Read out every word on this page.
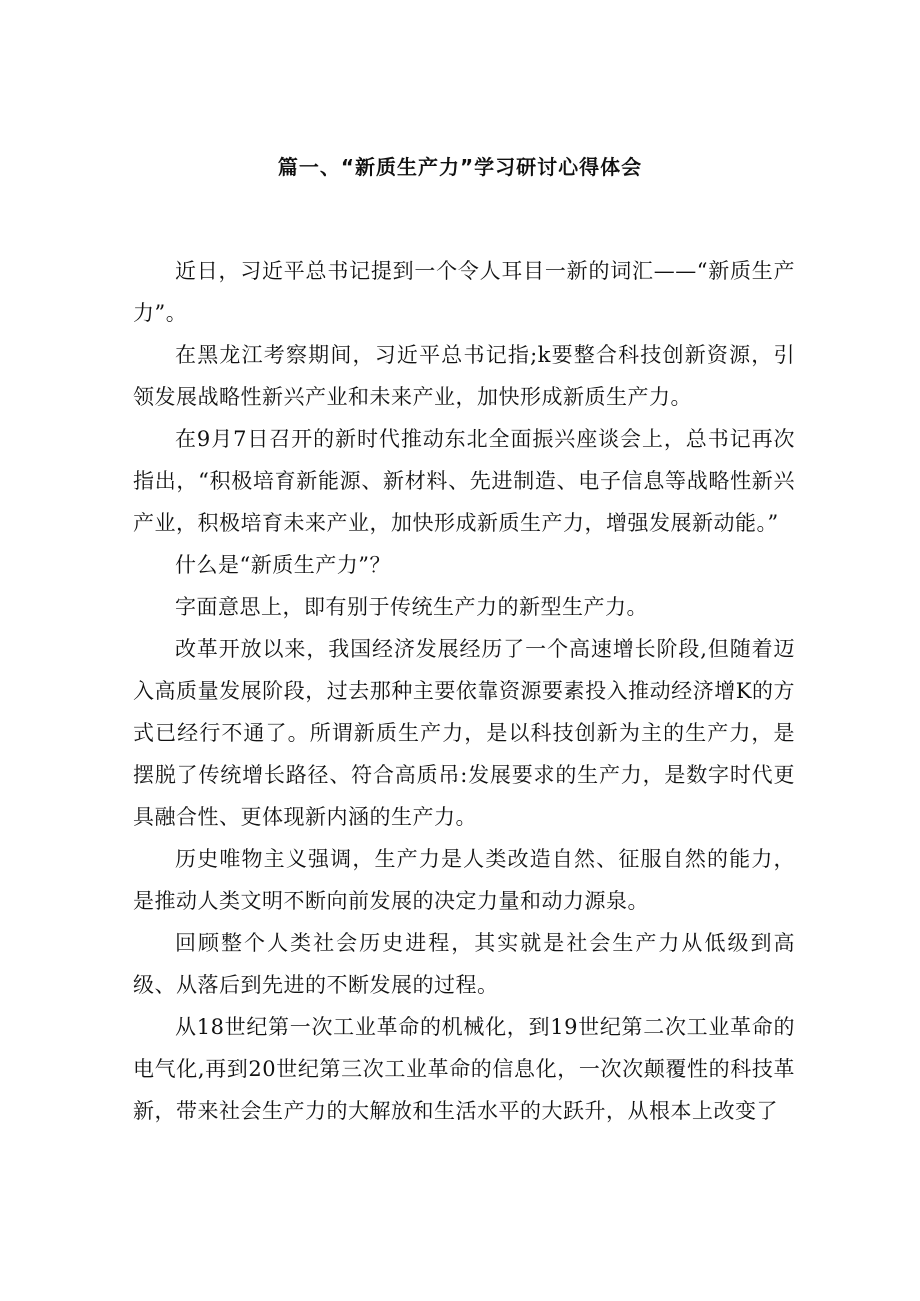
篇一、“新质生产力”学习研讨心得体会

近日，习近平总书记提到一个令人耳目一新的词汇——“新质生产力”。

在黑龙江考察期间，习近平总书记指;k要整合科技创新资源，引领发展战略性新兴产业和未来产业，加快形成新质生产力。

在9月7日召开的新时代推动东北全面振兴座谈会上，总书记再次指出，“积极培育新能源、新材料、先进制造、电子信息等战略性新兴产业，积极培育未来产业，加快形成新质生产力，增强发展新动能。”

什么是“新质生产力”？

字面意思上，即有别于传统生产力的新型生产力。

改革开放以来，我国经济发展经历了一个高速增长阶段,但随着迈入高质量发展阶段，过去那种主要依靠资源要素投入推动经济增K的方式已经行不通了。所谓新质生产力，是以科技创新为主的生产力，是摆脱了传统增长路径、符合高质吊:发展要求的生产力，是数字时代更具融合性、更体现新内涵的生产力。

历史唯物主义强调，生产力是人类改造自然、征服自然的能力，是推动人类文明不断向前发展的决定力量和动力源泉。

回顾整个人类社会历史进程，其实就是社会生产力从低级到高级、从落后到先进的不断发展的过程。

从18世纪第一次工业革命的机械化，到19世纪第二次工业革命的电气化,再到20世纪第三次工业革命的信息化，一次次颠覆性的科技革新，带来社会生产力的大解放和生活水平的大跃升，从根本上改变了
